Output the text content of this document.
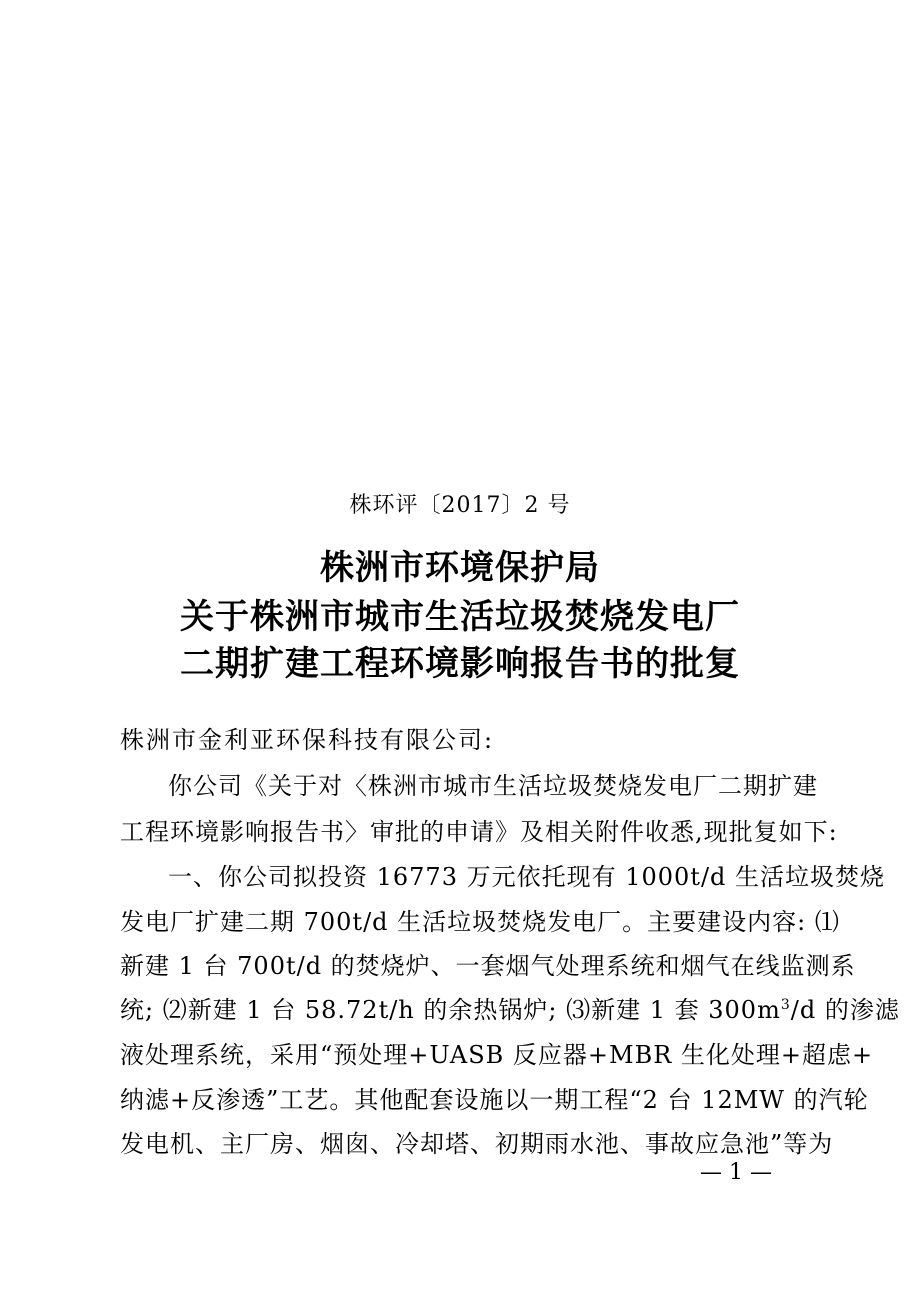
株环评〔2017〕2 号
株洲市环境保护局
关于株洲市城市生活垃圾焚烧发电厂
二期扩建工程环境影响报告书的批复
株洲市金利亚环保科技有限公司:
你公司《关于对〈株洲市城市生活垃圾焚烧发电厂二期扩建
工程环境影响报告书〉审批的申请》及相关附件收悉,现批复如下:
一、你公司拟投资 16773 万元依托现有 1000t/d 生活垃圾焚烧
发电厂扩建二期 700t/d 生活垃圾焚烧发电厂。主要建设内容: ⑴
新建 1 台 700t/d 的焚烧炉、一套烟气处理系统和烟气在线监测系
统; ⑵新建 1 台 58.72t/h 的余热锅炉; ⑶新建 1 套 $300m^3/d$ 的渗滤
液处理系统，采用“预处理+UASB 反应器+MBR 生化处理+超虑+
纳滤+反渗透”工艺。其他配套设施以一期工程“2 台 12MW 的汽轮
发电机、主厂房、烟囱、冷却塔、初期雨水池、事故应急池”等为
— 1 —
